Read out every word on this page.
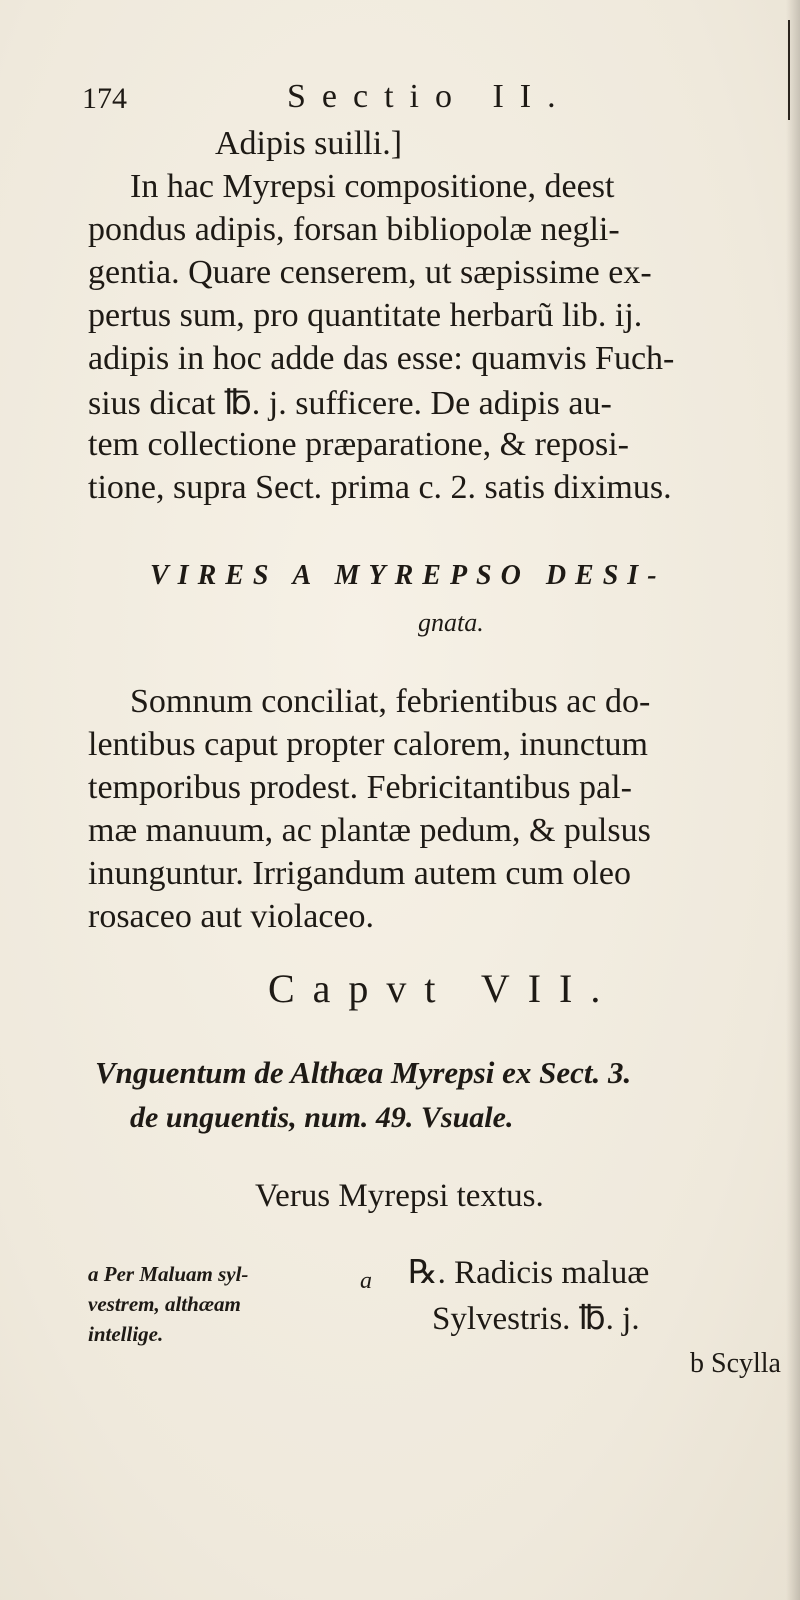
174	Sectio II.
Adipis suilli.]
In hac Myrepsi compositione, deest
pondus adipis, forsan bibliopolæ negli-
gentia. Quare censerem, ut sæpissime ex-
pertus sum, pro quantitate herbarũ lib. ij.
adipis in hoc adde das esse: quamvis Fuch-
sius dicat ℔. j. sufficere. De adipis au-
tem collectione præparatione, & reposi-
tione, supra Sect. prima c. 2. satis diximus.
VIRES A MYREPSO DESI-
gnata.
Somnum conciliat, febrientibus ac do-
lentibus caput propter calorem, inunctum
temporibus prodest. Febricitantibus pal-
mæ manuum, ac plantæ pedum, & pulsus
inunguntur. Irrigandum autem cum oleo
rosaceo aut violaceo.
Capvt VII.
Vnguentum de Althæa Myrepsi ex Sect. 3.
de unguentis, num. 49. Vsuale.
Verus Myrepsi textus.
a Per Maluam syl-
vestrem, althæam
intellige.
a ℞. Radicis maluæ
Sylvestris. ℔. j.
b Scylla
